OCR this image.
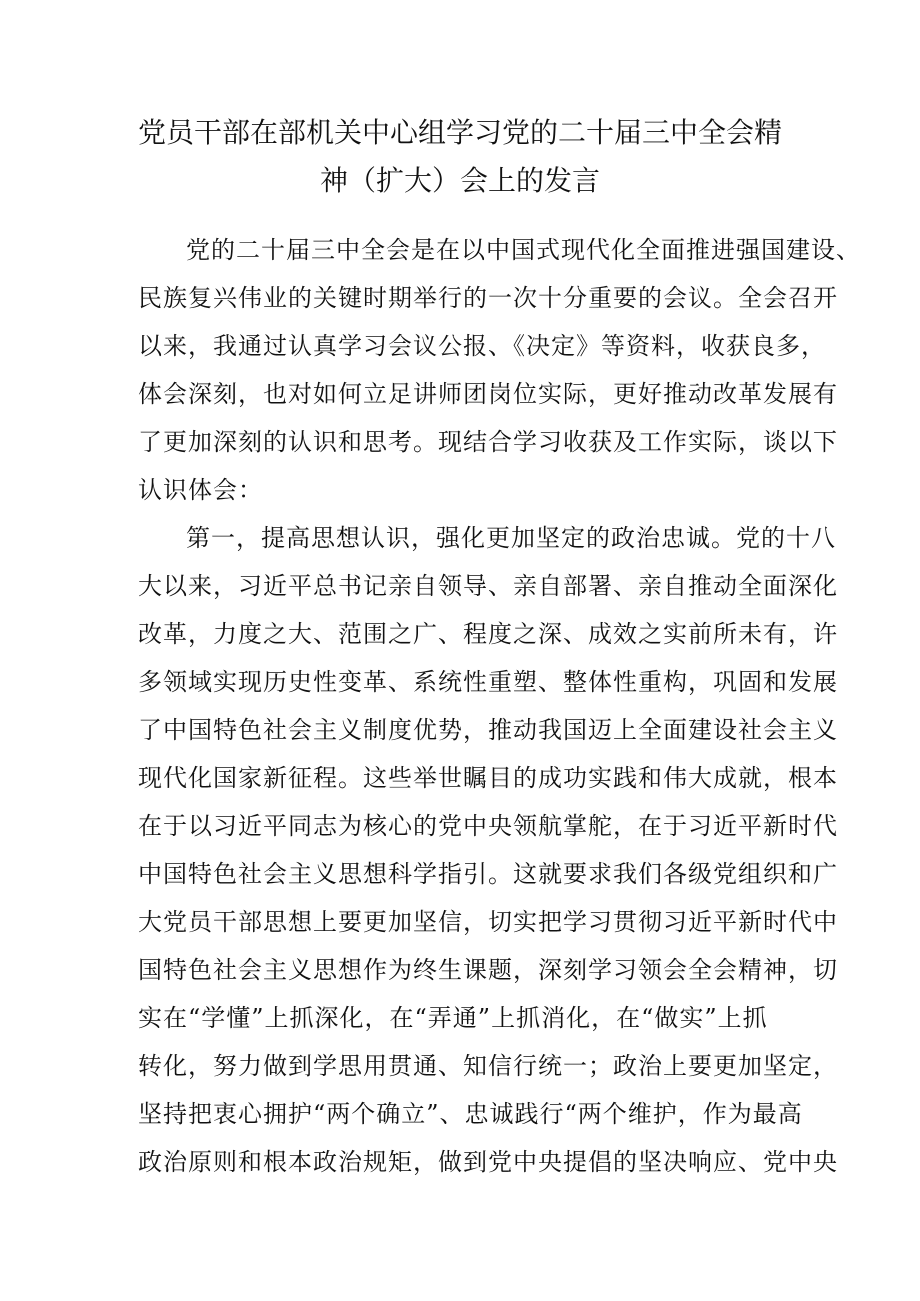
党员干部在部机关中心组学习党的二十届三中全会精
神（扩大）会上的发言

党的二十届三中全会是在以中国式现代化全面推进强国建设、

民族复兴伟业的关键时期举行的一次十分重要的会议。全会召开

以来，我通过认真学习会议公报、《决定》等资料，收获良多，

体会深刻，也对如何立足讲师团岗位实际，更好推动改革发展有

了更加深刻的认识和思考。现结合学习收获及工作实际，谈以下

认识体会：

第一，提高思想认识，强化更加坚定的政治忠诚。党的十八

大以来，习近平总书记亲自领导、亲自部署、亲自推动全面深化

改革，力度之大、范围之广、程度之深、成效之实前所未有，许

多领域实现历史性变革、系统性重塑、整体性重构，巩固和发展

了中国特色社会主义制度优势，推动我国迈上全面建设社会主义

现代化国家新征程。这些举世瞩目的成功实践和伟大成就，根本

在于以习近平同志为核心的党中央领航掌舵，在于习近平新时代

中国特色社会主义思想科学指引。这就要求我们各级党组织和广

大党员干部思想上要更加坚信，切实把学习贯彻习近平新时代中

国特色社会主义思想作为终生课题，深刻学习领会全会精神，切

实在“学懂”上抓深化，在“弄通”上抓消化，在“做实”上抓

转化，努力做到学思用贯通、知信行统一；政治上要更加坚定，

坚持把衷心拥护“两个确立”、忠诚践行“两个维护，作为最高

政治原则和根本政治规矩，做到党中央提倡的坚决响应、党中央
